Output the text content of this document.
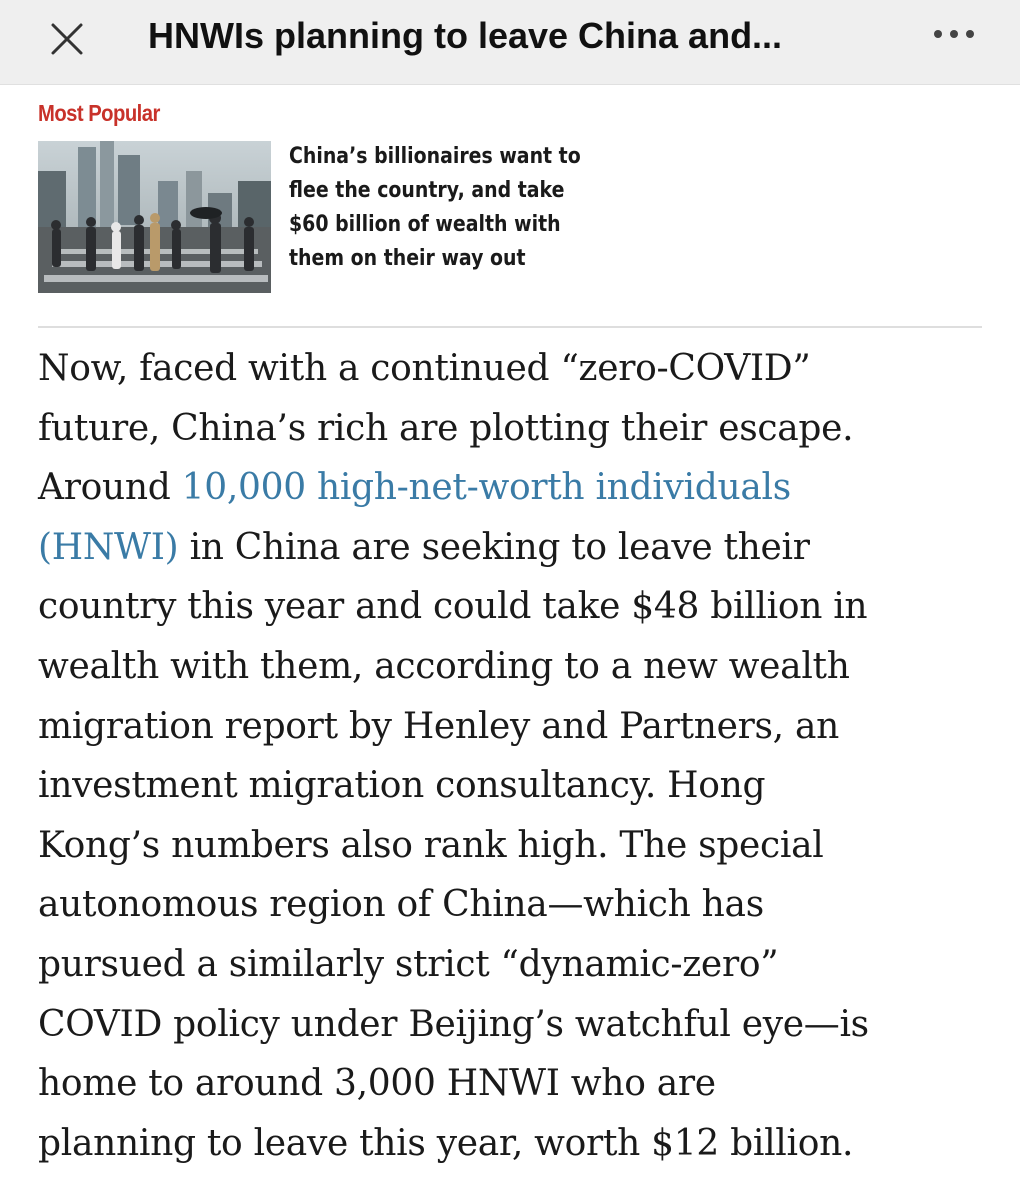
HNWIs planning to leave China and...
Most Popular
China’s billionaires want to
flee the country, and take
$60 billion of wealth with
them on their way out
Now, faced with a continued “zero-COVID”
future, China’s rich are plotting their escape.
Around 10,000 high-net-worth individuals
(HNWI) in China are seeking to leave their
country this year and could take $48 billion in
wealth with them, according to a new wealth
migration report by Henley and Partners, an
investment migration consultancy. Hong
Kong’s numbers also rank high. The special
autonomous region of China—which has
pursued a similarly strict “dynamic-zero”
COVID policy under Beijing’s watchful eye—is
home to around 3,000 HNWI who are
planning to leave this year, worth $12 billion.
